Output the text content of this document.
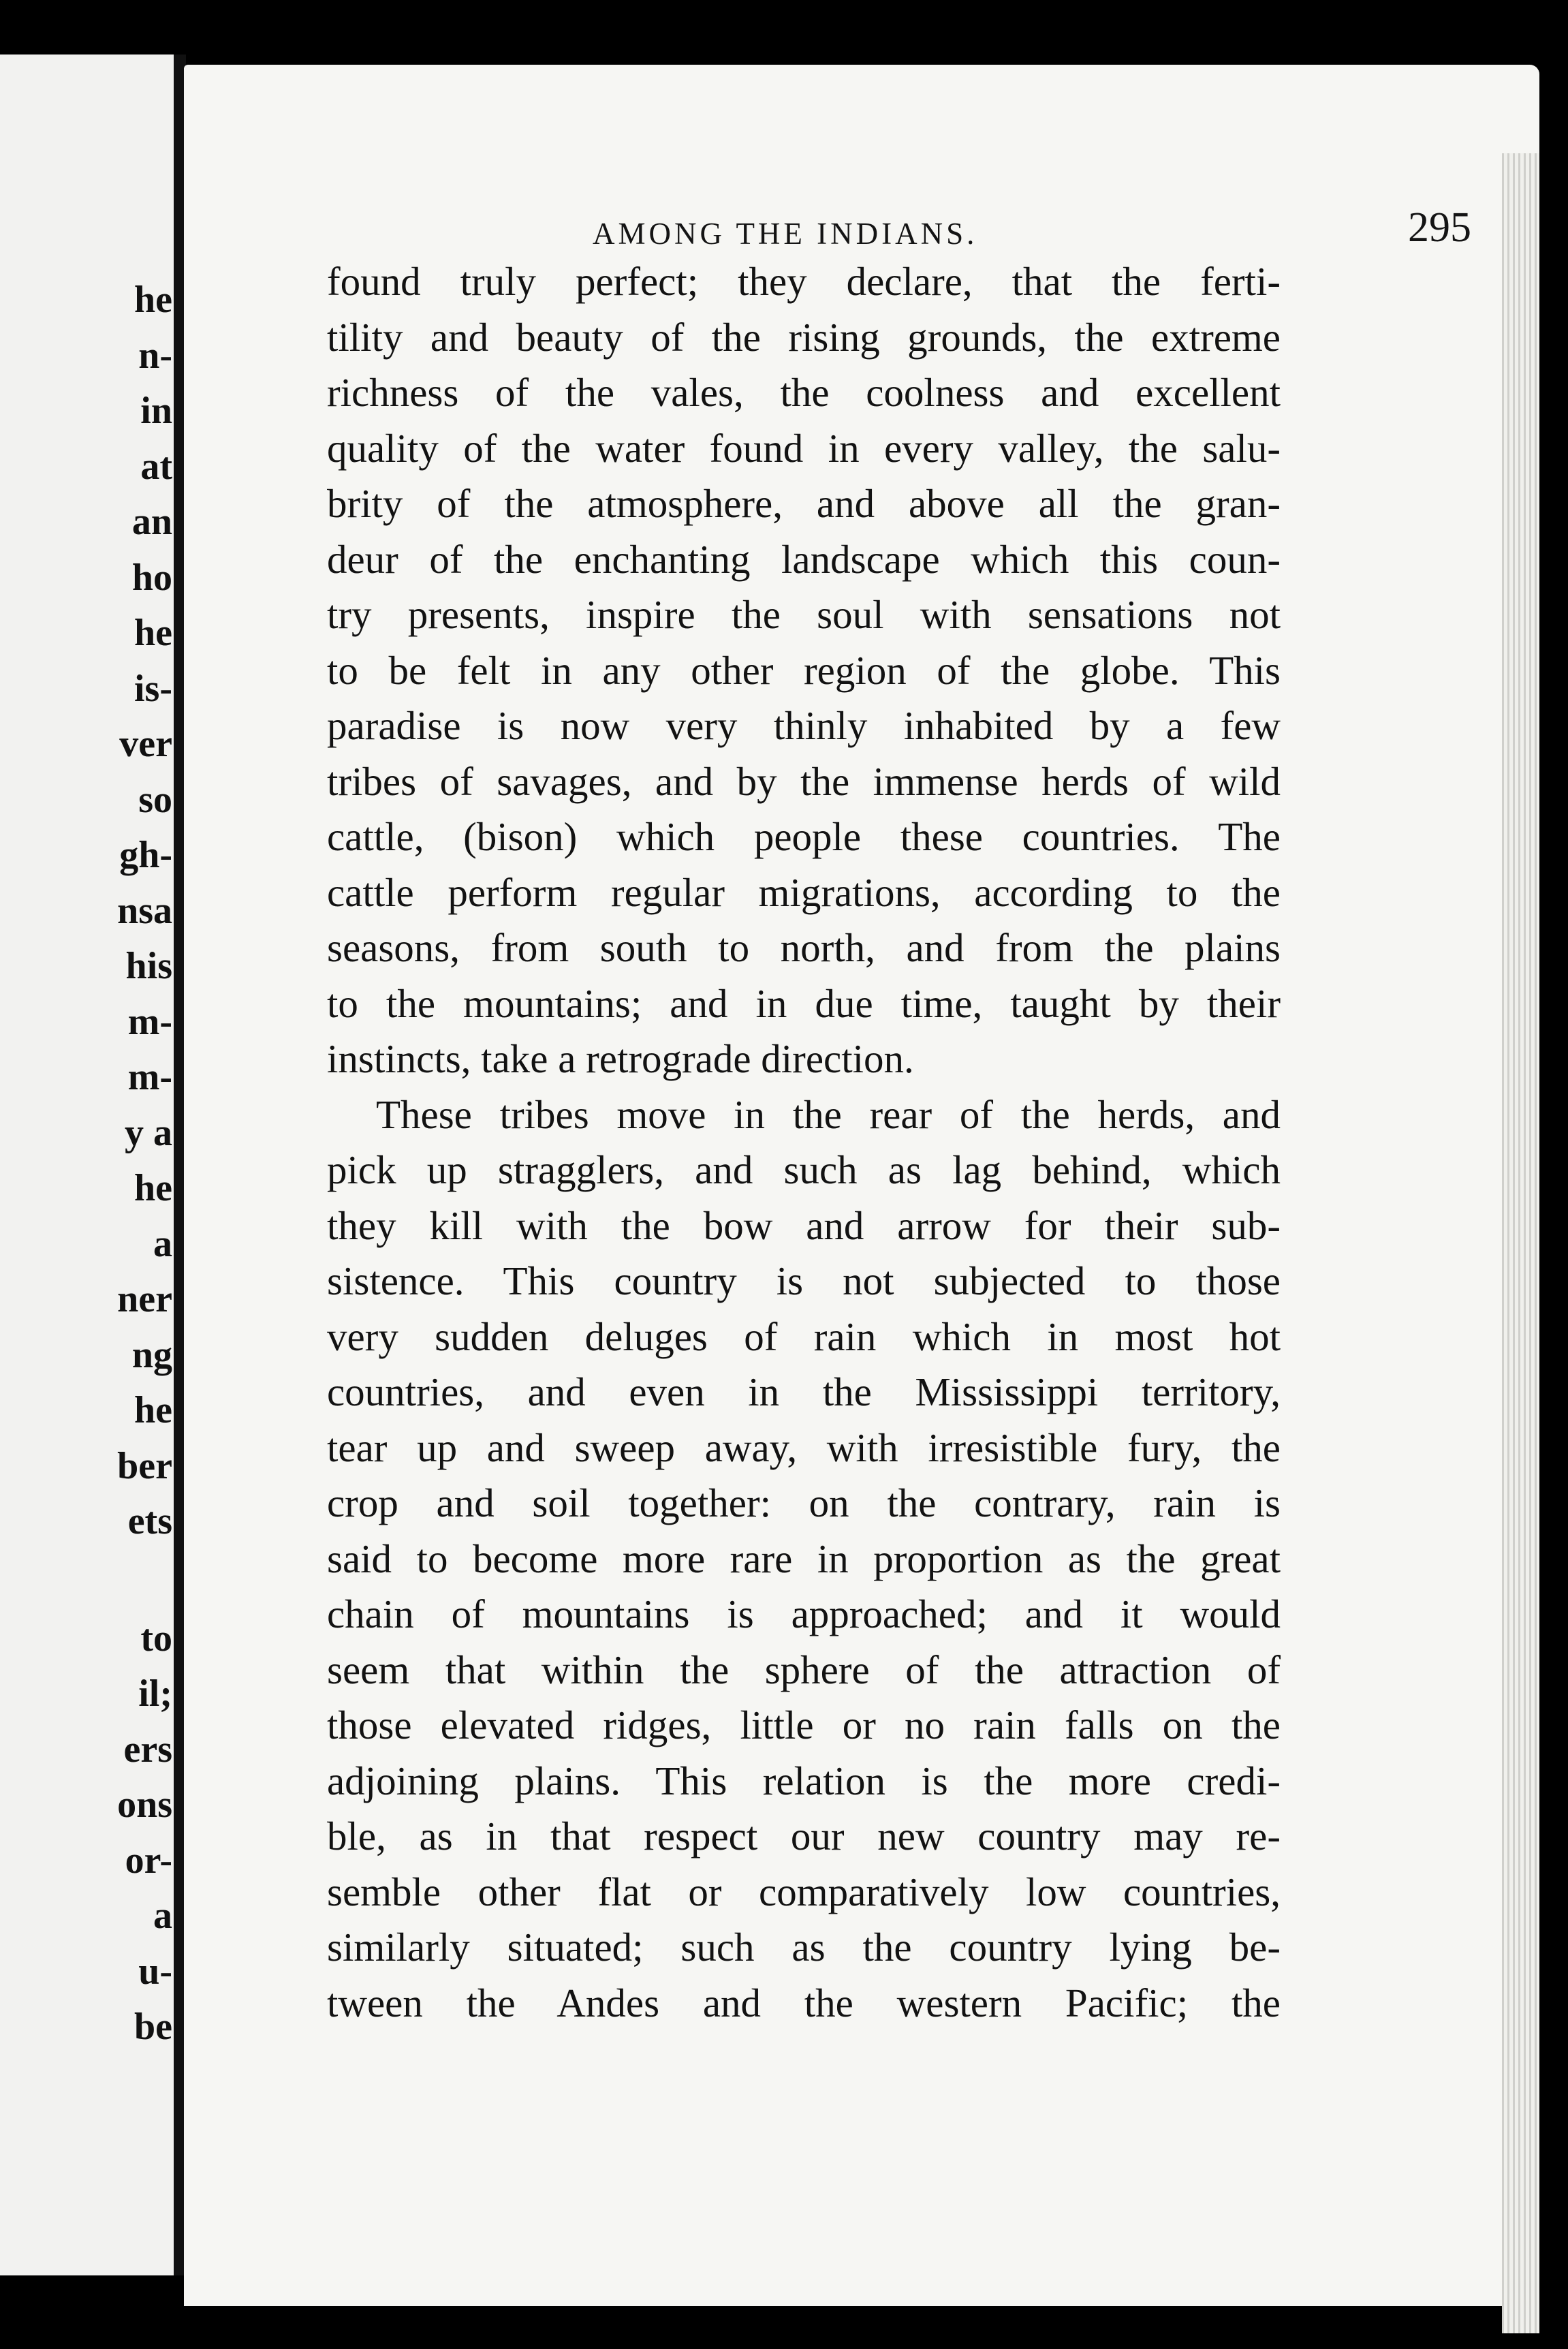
he
n-
in
at
an
ho
he
is-
ver
so
gh-
nsa
his
m-
m-
y a
he
a
ner
ng
he
ber
ets
to
il;
ers
ons
or-
a
u-
be
AMONG THE INDIANS.	295
found truly perfect; they declare, that the ferti-
tility and beauty of the rising grounds, the extreme
richness of the vales, the coolness and excellent
quality of the water found in every valley, the salu-
brity of the atmosphere, and above all the gran-
deur of the enchanting landscape which this coun-
try presents, inspire the soul with sensations not
to be felt in any other region of the globe. This
paradise is now very thinly inhabited by a few
tribes of savages, and by the immense herds of wild
cattle, (bison) which people these countries. The
cattle perform regular migrations, according to the
seasons, from south to north, and from the plains
to the mountains; and in due time, taught by their
instincts, take a retrograde direction.
These tribes move in the rear of the herds, and
pick up stragglers, and such as lag behind, which
they kill with the bow and arrow for their sub-
sistence. This country is not subjected to those
very sudden deluges of rain which in most hot
countries, and even in the Mississippi territory,
tear up and sweep away, with irresistible fury, the
crop and soil together: on the contrary, rain is
said to become more rare in proportion as the great
chain of mountains is approached; and it would
seem that within the sphere of the attraction of
those elevated ridges, little or no rain falls on the
adjoining plains. This relation is the more credi-
ble, as in that respect our new country may re-
semble other flat or comparatively low countries,
similarly situated; such as the country lying be-
tween the Andes and the western Pacific; the
